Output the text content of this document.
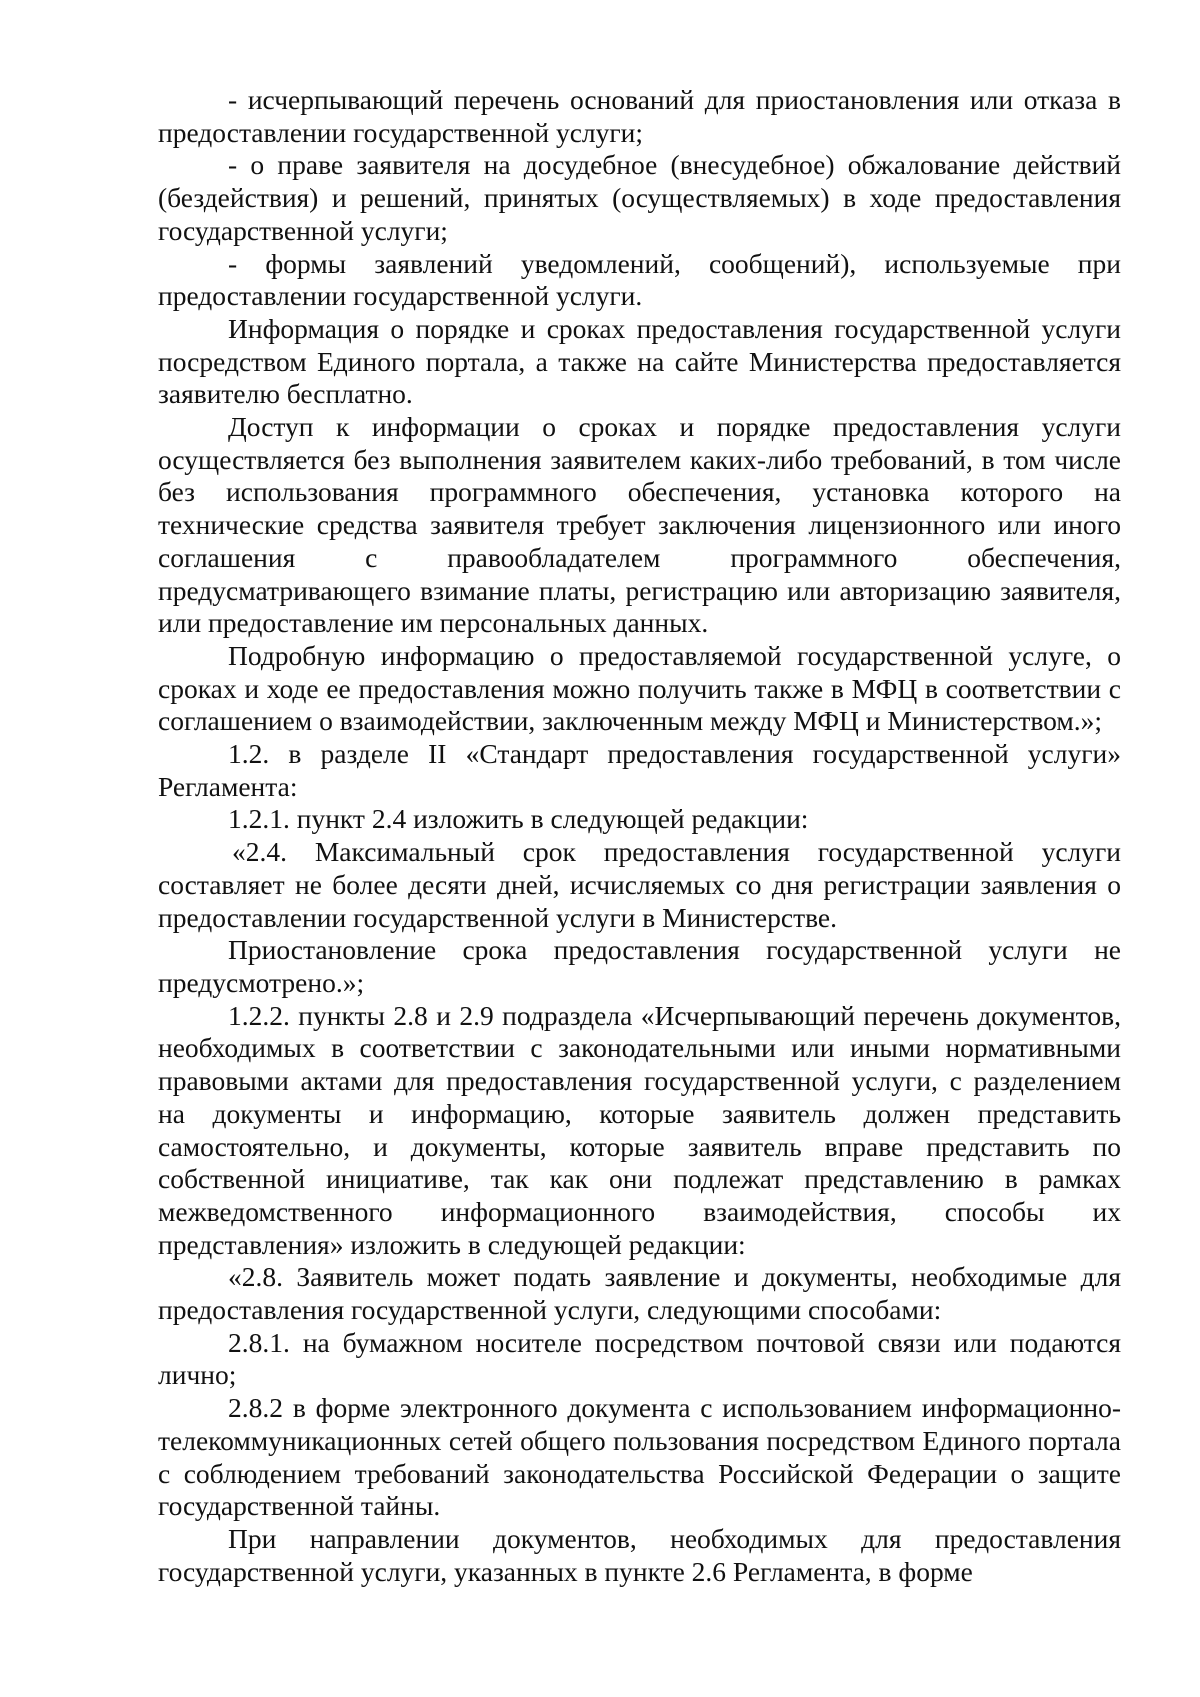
- исчерпывающий перечень оснований для приостановления или отказа в предоставлении государственной услуги;

- о праве заявителя на досудебное (внесудебное) обжалование действий (бездействия) и решений, принятых (осуществляемых) в ходе предоставления государственной услуги;

- формы заявлений уведомлений, сообщений), используемые при предоставлении государственной услуги.

Информация о порядке и сроках предоставления государственной услуги посредством Единого портала, а также на сайте Министерства предоставляется заявителю бесплатно.

Доступ к информации о сроках и порядке предоставления услуги осуществляется без выполнения заявителем каких-либо требований, в том числе без использования программного обеспечения, установка которого на технические средства заявителя требует заключения лицензионного или иного соглашения с правообладателем программного обеспечения, предусматривающего взимание платы, регистрацию или авторизацию заявителя, или предоставление им персональных данных.

Подробную информацию о предоставляемой государственной услуге, о сроках и ходе ее предоставления можно получить также в МФЦ в соответствии с соглашением о взаимодействии, заключенным между МФЦ и Министерством.»;

1.2. в разделе II «Стандарт предоставления государственной услуги» Регламента:

1.2.1. пункт 2.4 изложить в следующей редакции:

«2.4. Максимальный срок предоставления государственной услуги составляет не более десяти дней, исчисляемых со дня регистрации заявления о предоставлении государственной услуги в Министерстве.

Приостановление срока предоставления государственной услуги не предусмотрено.»;

1.2.2. пункты 2.8 и 2.9 подраздела «Исчерпывающий перечень документов, необходимых в соответствии с законодательными или иными нормативными правовыми актами для предоставления государственной услуги, с разделением на документы и информацию, которые заявитель должен представить самостоятельно, и документы, которые заявитель вправе представить по собственной инициативе, так как они подлежат представлению в рамках межведомственного информационного взаимодействия, способы их представления» изложить в следующей редакции:

«2.8. Заявитель может подать заявление и документы, необходимые для предоставления государственной услуги, следующими способами:

2.8.1. на бумажном носителе посредством почтовой связи или подаются лично;

2.8.2 в форме электронного документа с использованием информационно-телекоммуникационных сетей общего пользования посредством Единого портала с соблюдением требований законодательства Российской Федерации о защите государственной тайны.

При направлении документов, необходимых для предоставления государственной услуги, указанных в пункте 2.6 Регламента, в форме
